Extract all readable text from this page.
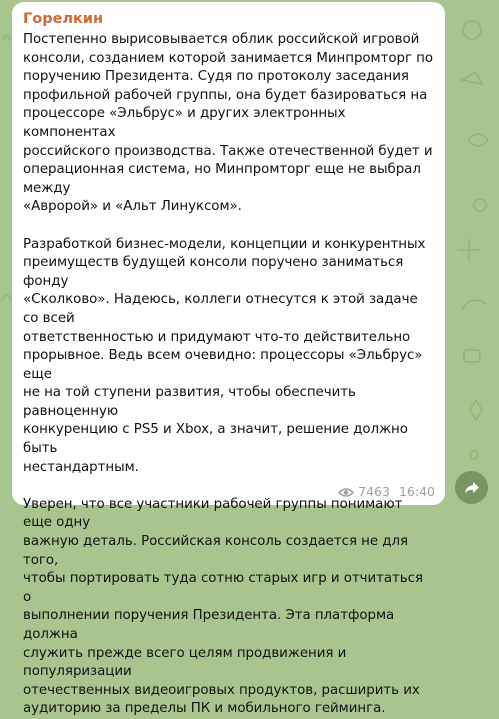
Горелкин

Постепенно вырисовывается облик российской игровой
консоли, созданием которой занимается Минпромторг по
поручению Президента. Судя по протоколу заседания
профильной рабочей группы, она будет базироваться на
процессоре «Эльбрус» и других электронных компонентах
российского производства. Также отечественной будет и
операционная система, но Минпромторг еще не выбрал между
«Авророй» и «Альт Линуксом».

Разработкой бизнес-модели, концепции и конкурентных
преимуществ будущей консоли поручено заниматься фонду
«Сколково». Надеюсь, коллеги отнесутся к этой задаче со всей
ответственностью и придумают что-то действительно
прорывное. Ведь всем очевидно: процессоры «Эльбрус» еще
не на той ступени развития, чтобы обеспечить равноценную
конкуренцию с PS5 и Xbox, а значит, решение должно быть
нестандартным.

Уверен, что все участники рабочей группы понимают еще одну
важную деталь. Российская консоль создается не для того,
чтобы портировать туда сотню старых игр и отчитаться о
выполнении поручения Президента. Эта платформа должна
служить прежде всего целям продвижения и популяризации
отечественных видеоигровых продуктов, расширить их
аудиторию за пределы ПК и мобильного гейминга.

7463 16:40
